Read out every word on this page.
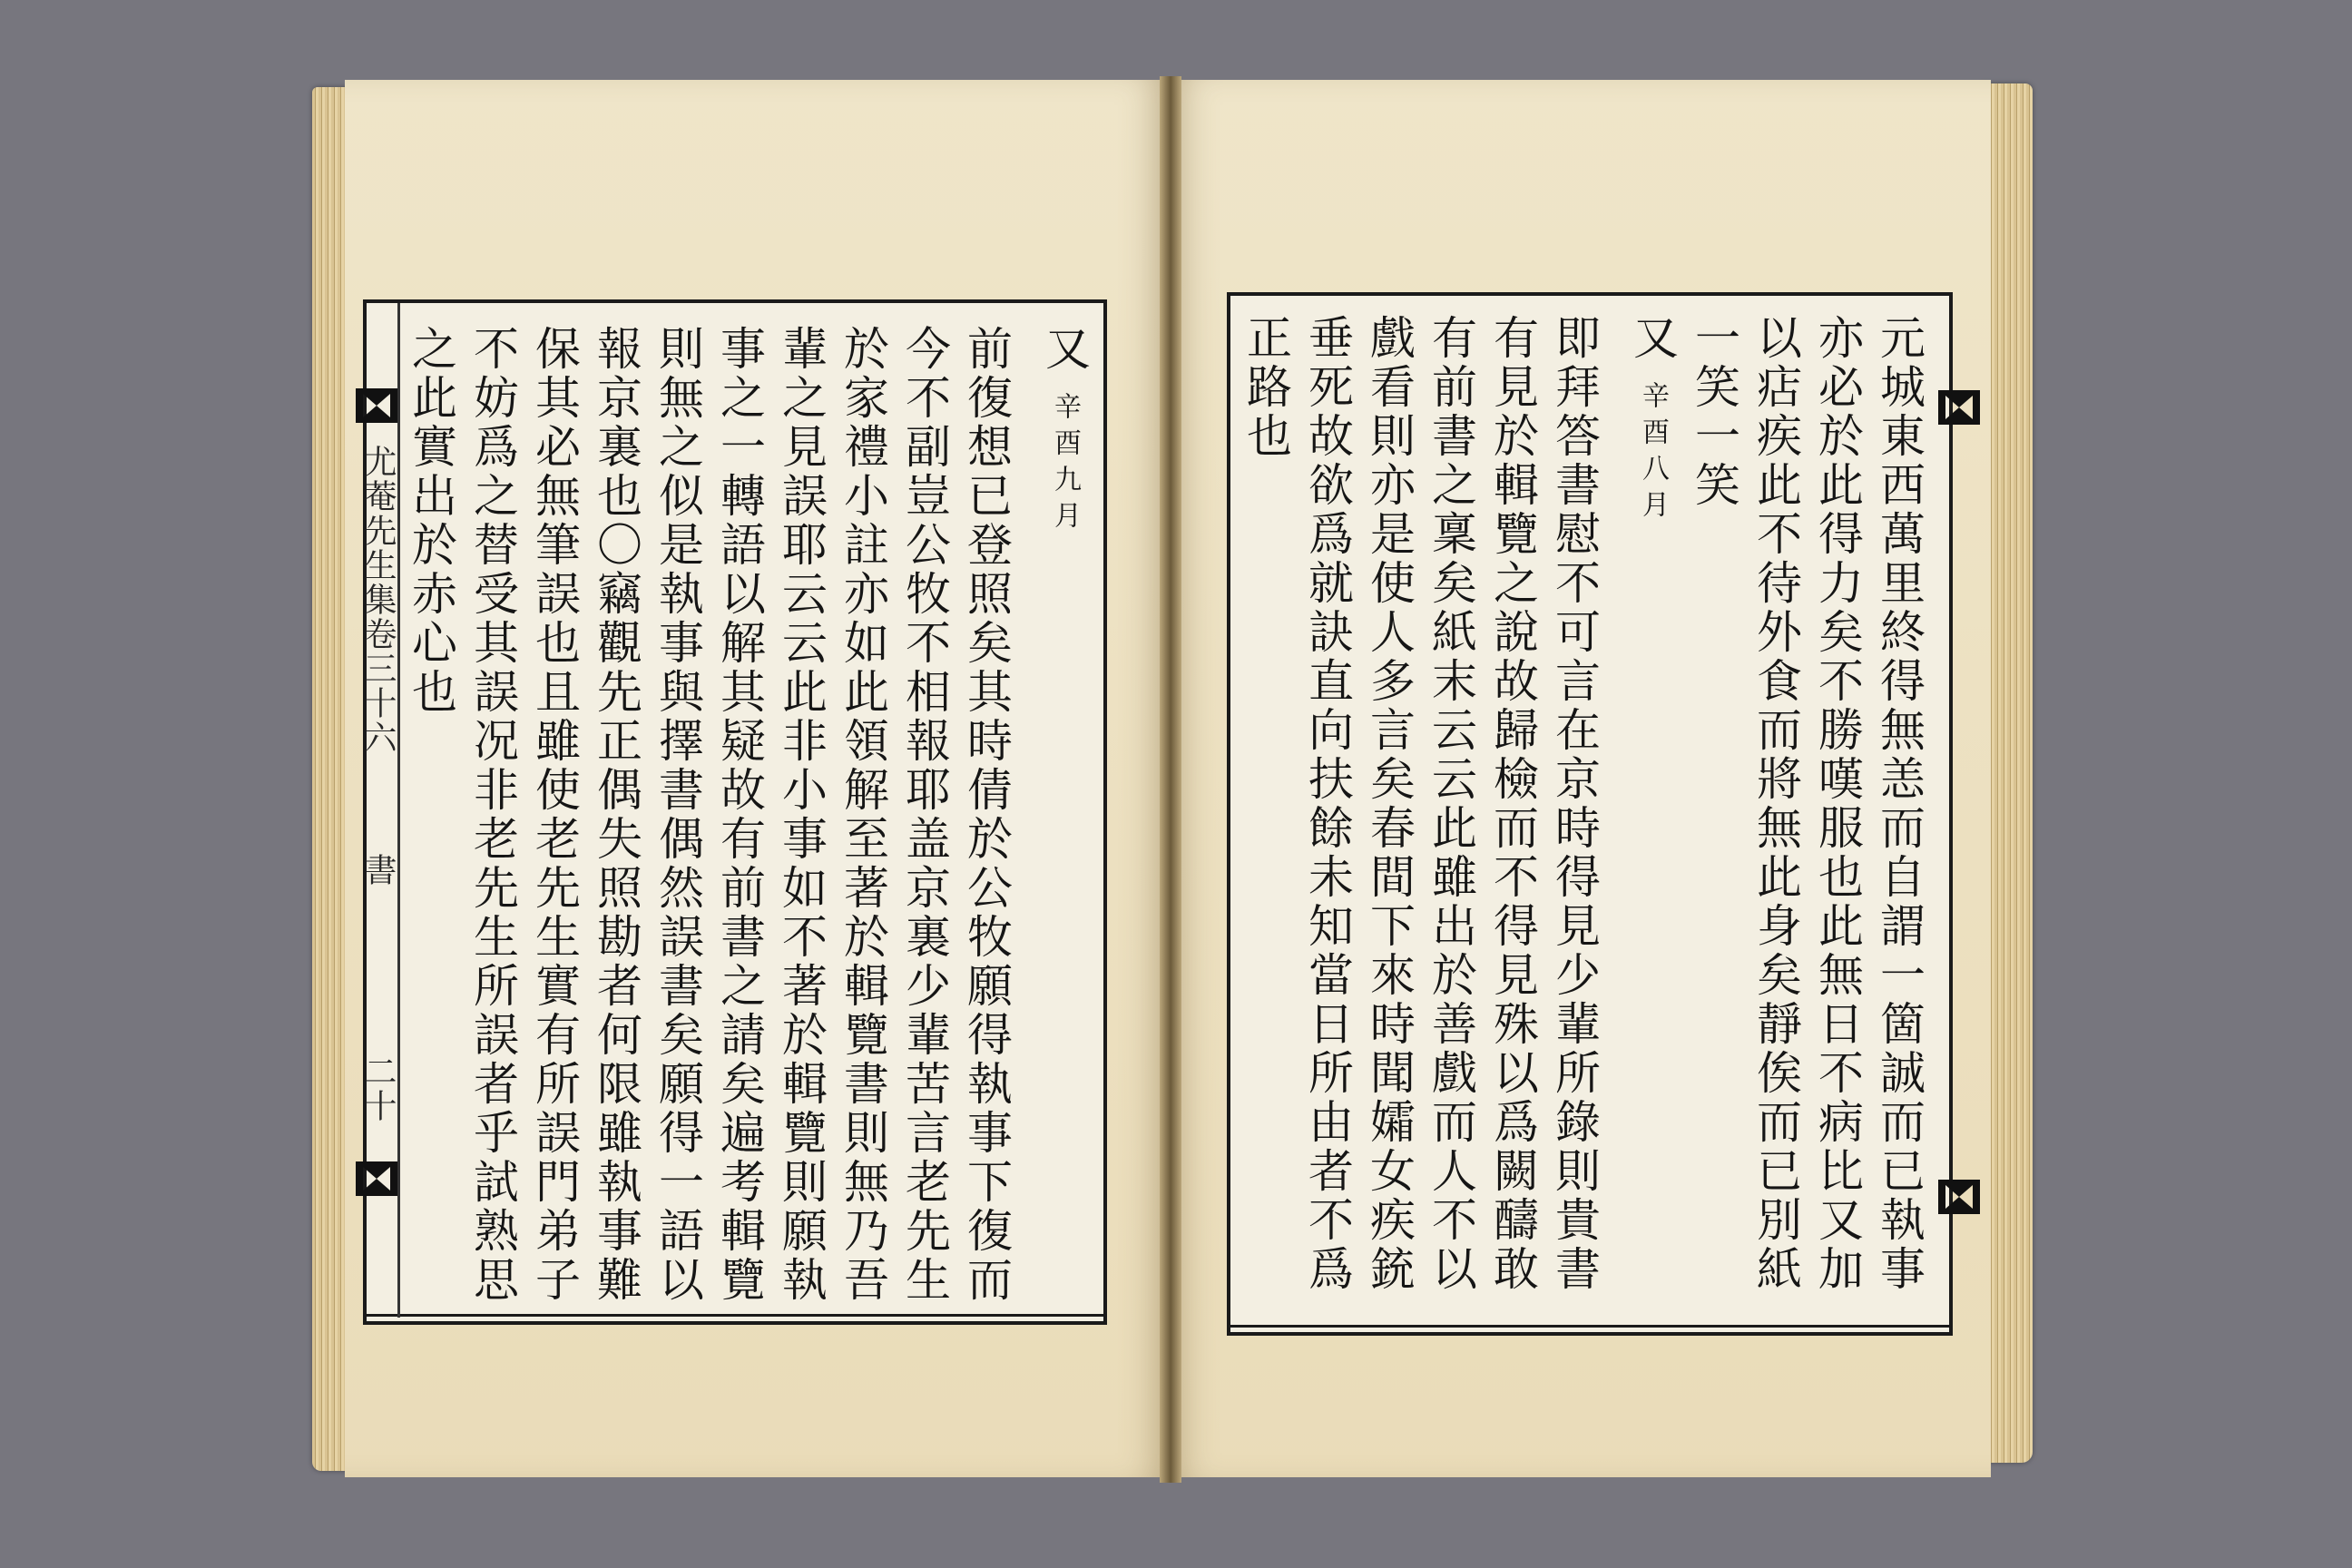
尤菴先生集卷三十六
書
二十
又
辛酉九月
前復想已登照矣其時倩於公牧願得執事下復而
今不副豈公牧不相報耶盖京裏少輩苦言老先生
於家禮小註亦如此領解至著於輯覽書則無乃吾
輩之見誤耶云云此非小事如不著於輯覽則願執
事之一轉語以解其疑故有前書之請矣遍考輯覽
則無之似是執事與擇書偶然誤書矣願得一語以
報京裏也〇竊觀先正偶失照勘者何限雖執事難
保其必無筆誤也且雖使老先生實有所誤門弟子
不妨爲之替受其誤况非老先生所誤者乎試熟思
之此實出於赤心也	元城東西萬里終得無恙而自謂一箇誠而已執事
亦必於此得力矣不勝嘆服也此無日不病比又加
以痁疾此不待外食而將無此身矣靜俟而已別紙
一笑一笑
又
辛酉八月
即拜答書慰不可言在京時得見少輩所錄則貴書
有見於輯覽之說故歸檢而不得見殊以爲闕醻敢
有前書之稟矣紙末云云此雖出於善戲而人不以
戲看則亦是使人多言矣春間下來時聞孀女疾銃
垂死故欲爲就訣直向扶餘未知當日所由者不爲
正路也
